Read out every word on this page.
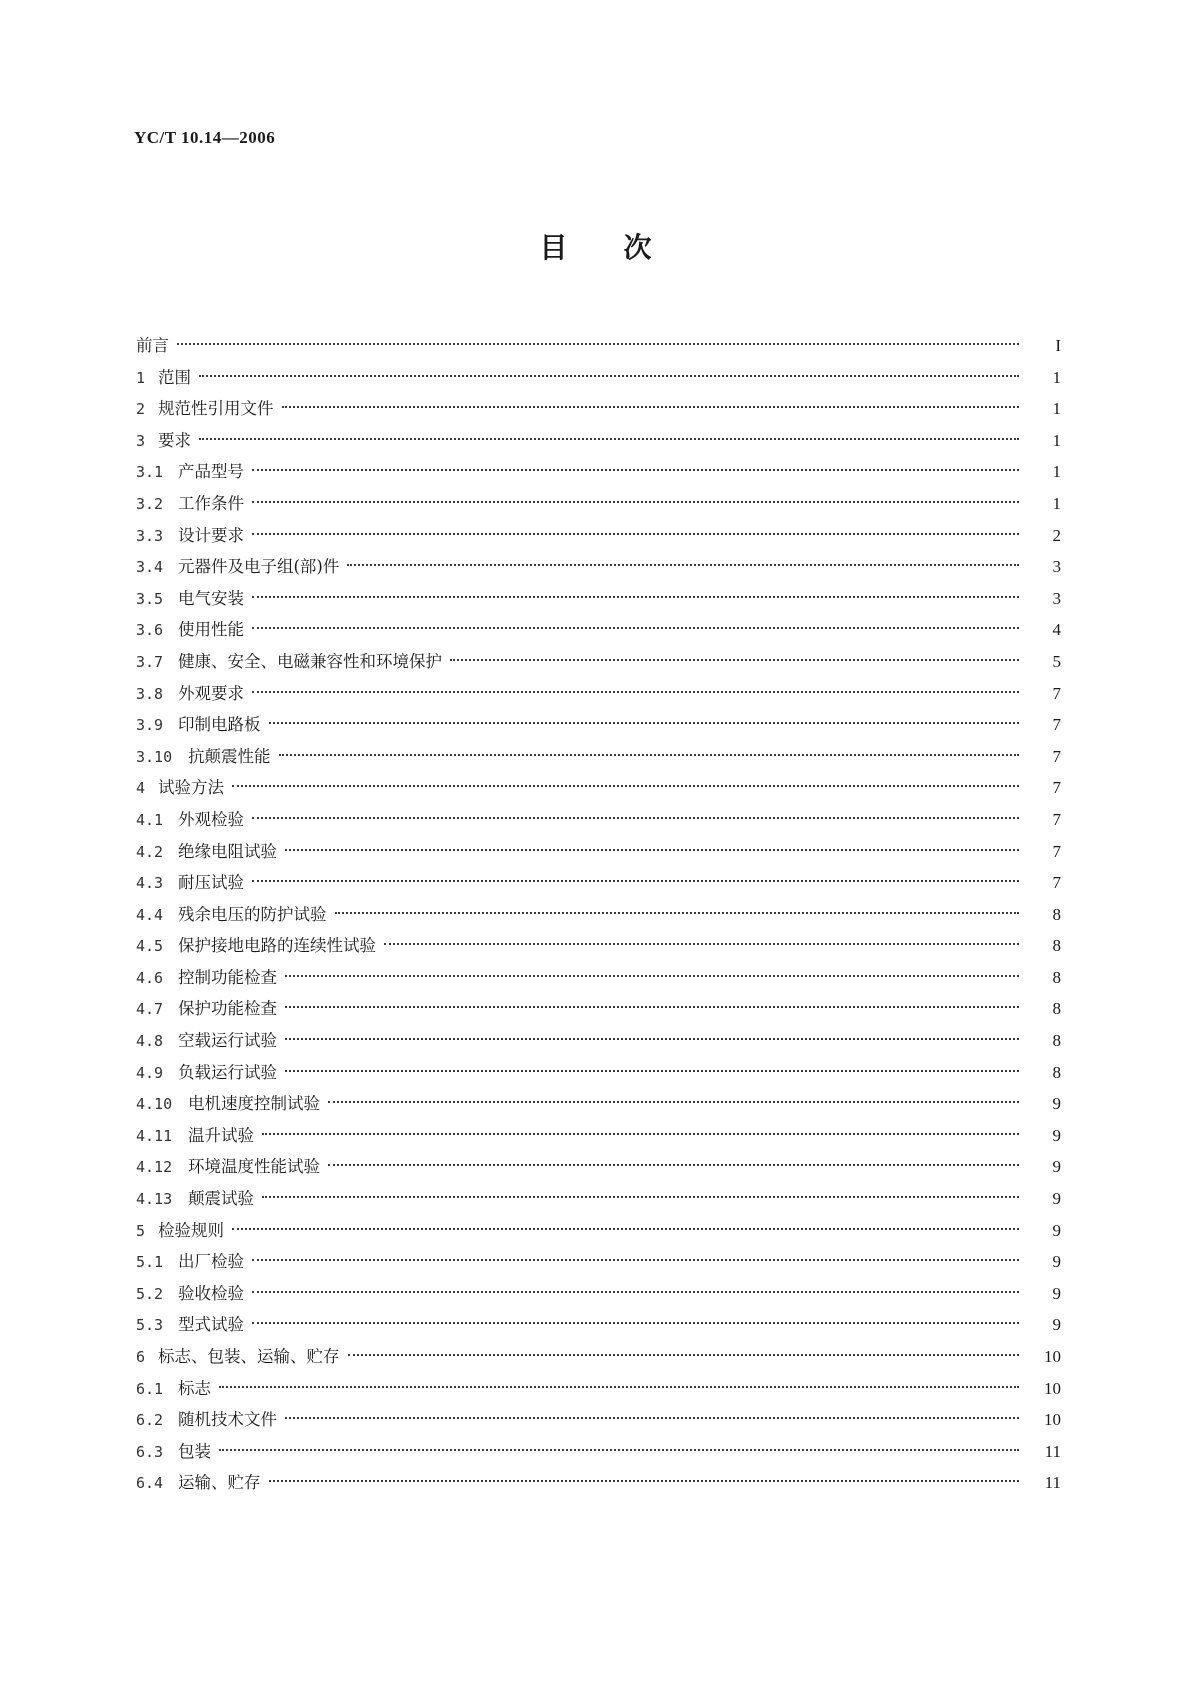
YC/T 10.14—2006
目次
前言	I
1 范围	1
2 规范性引用文件	1
3 要求	1
3.1 产品型号	1
3.2 工作条件	1
3.3 设计要求	2
3.4 元器件及电子组(部)件	3
3.5 电气安装	3
3.6 使用性能	4
3.7 健康、安全、电磁兼容性和环境保护	5
3.8 外观要求	7
3.9 印制电路板	7
3.10 抗颠震性能	7
4 试验方法	7
4.1 外观检验	7
4.2 绝缘电阻试验	7
4.3 耐压试验	7
4.4 残余电压的防护试验	8
4.5 保护接地电路的连续性试验	8
4.6 控制功能检查	8
4.7 保护功能检查	8
4.8 空载运行试验	8
4.9 负载运行试验	8
4.10 电机速度控制试验	9
4.11 温升试验	9
4.12 环境温度性能试验	9
4.13 颠震试验	9
5 检验规则	9
5.1 出厂检验	9
5.2 验收检验	9
5.3 型式试验	9
6 标志、包装、运输、贮存	10
6.1 标志	10
6.2 随机技术文件	10
6.3 包装	11
6.4 运输、贮存	11
